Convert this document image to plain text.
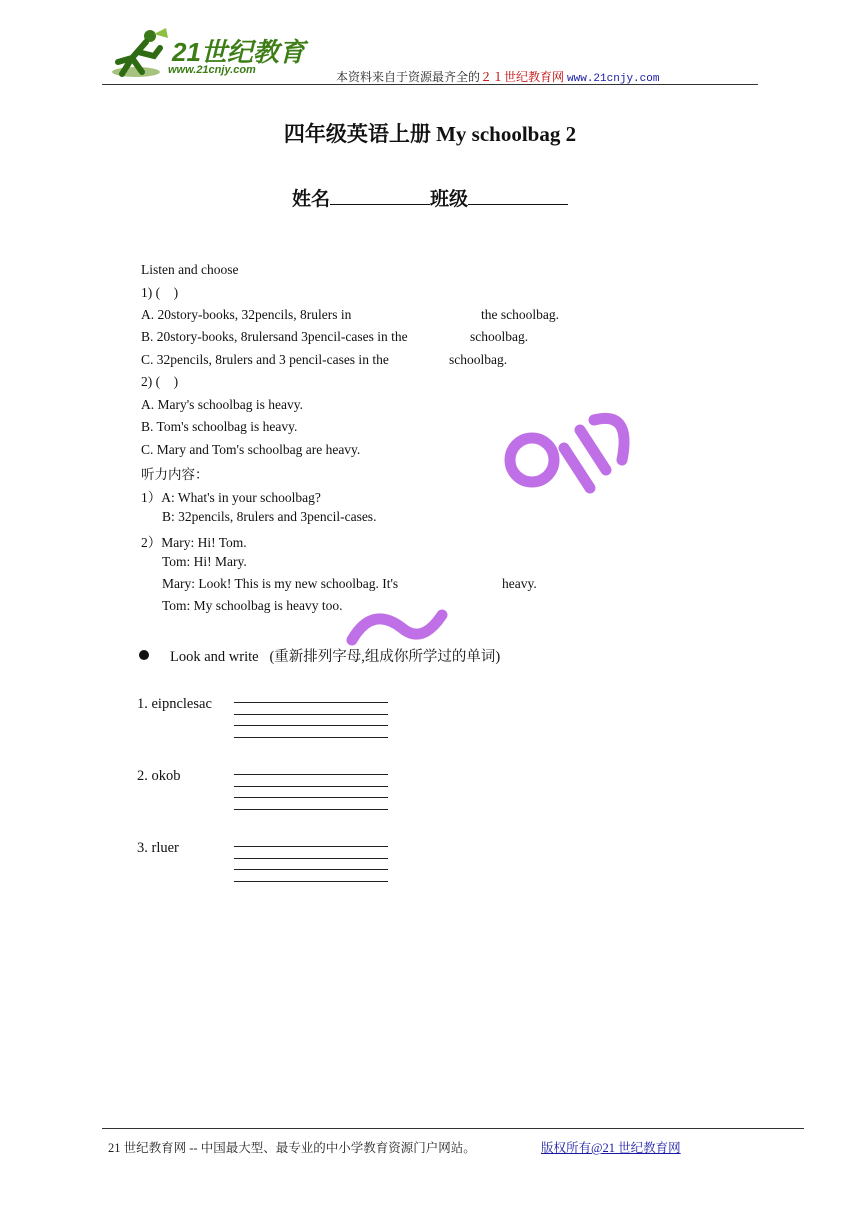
21世纪教育
www.21cnjy.com	本资料来自于资源最齐全的２１世纪教育网 www.21cnjy.com
四年级英语上册 My schoolbag 2
姓名	班级
Listen and choose
1) (    )
A. 20story-books, 32pencils, 8rulers in	the schoolbag.
B. 20story-books, 8rulersand 3pencil-cases in the	schoolbag.
C. 32pencils, 8rulers and 3 pencil-cases in the	schoolbag.
2) (    )
A. Mary's schoolbag is heavy.
B. Tom's schoolbag is heavy.
C. Mary and Tom's schoolbag are heavy.
听力内容：
1）A: What's in your schoolbag?
B: 32pencils, 8rulers and 3pencil-cases.
2）Mary: Hi! Tom.
Tom: Hi! Mary.
Mary: Look! This is my new schoolbag. It's	heavy.
Tom: My schoolbag is heavy too.
Look and write   (重新排列字母,组成你所学过的单词)
1. eipnclesac
2. okob
3. rluer
21 世纪教育网 -- 中国最大型、最专业的中小学教育资源门户网站。	版权所有@21 世纪教育网
